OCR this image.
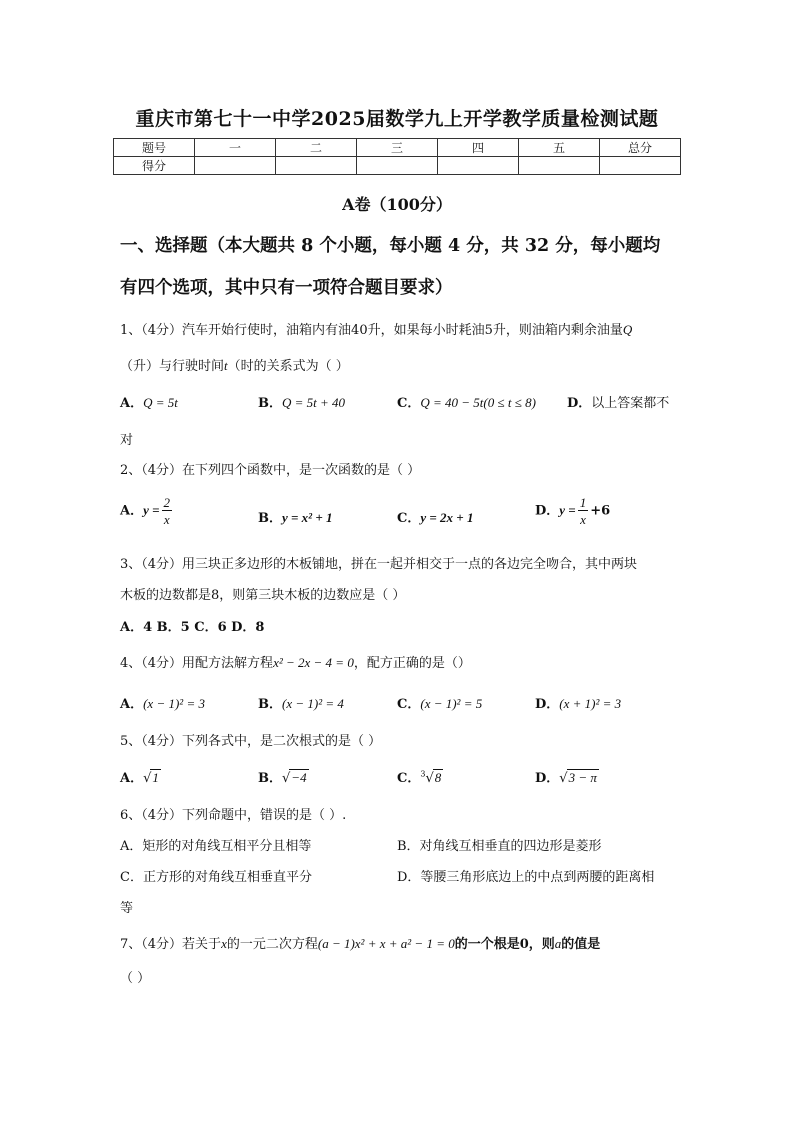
重庆市第七十一中学2025届数学九上开学教学质量检测试题
题号	一	二	三	四	五	总分
得分						
A卷（100分）
一、选择题（本大题共 8 个小题，每小题 4 分，共 32 分，每小题均
有四个选项，其中只有一项符合题目要求）
1、（4分）汽车开始行使时，油箱内有油40升，如果每小时耗油5升，则油箱内剩余油量Q
（升）与行驶时间t（时的关系式为（ ）
A．Q = 5t	B．Q = 5t + 40	C．Q = 40 − 5t(0 ≤ t ≤ 8) D．以上答案都不
对
2、（4分）在下列四个函数中，是一次函数的是（ ）
A．$y = \frac{2}{x}$	B．y = x² + 1	C．y = 2x + 1	D．$y = \frac{1}{x} +6$
3、（4分）用三块正多边形的木板铺地，拼在一起并相交于一点的各边完全吻合，其中两块
木板的边数都是8，则第三块木板的边数应是（ ）
A．4 B．5 C．6 D．8
4、（4分）用配方法解方程x² − 2x − 4 = 0，配方正确的是（）
A．(x − 1)² = 3	B．(x − 1)² = 4	C．(x − 1)² = 5	D．(x + 1)² = 3
5、（4分）下列各式中，是二次根式的是（ ）
A．√1	B．√−4	C．$^3$√8	D．√3 − π
6、（4分）下列命题中，错误的是（ ）.
A．矩形的对角线互相平分且相等	B．对角线互相垂直的四边形是菱形
C．正方形的对角线互相垂直平分	D．等腰三角形底边上的中点到两腰的距离相
等
7、（4分）若关于x的一元二次方程(a − 1)x² + x + a² − 1 = 0的一个根是0，则a的值是
（ ）
